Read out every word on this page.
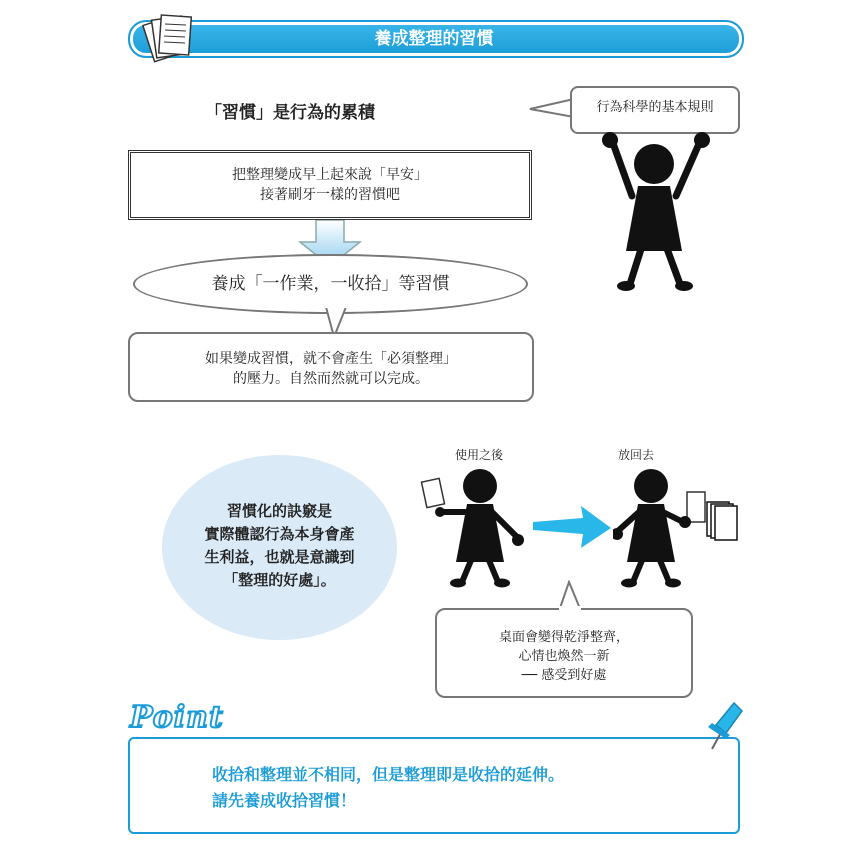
養成整理的習慣
「習慣」是行為的累積	行為科學的基本規則
把整理變成早上起來說「早安」
接著刷牙一樣的習慣吧
養成「一作業，一收拾」等習慣
如果變成習慣，就不會產生「必須整理」
的壓力。自然而然就可以完成。
習慣化的訣竅是
實際體認行為本身會產
生利益，也就是意識到
「整理的好處」。
使用之後	放回去
桌面會變得乾淨整齊，
心情也煥然一新
── 感受到好處
Point
收拾和整理並不相同，但是整理即是收拾的延伸。
請先養成收拾習慣！
